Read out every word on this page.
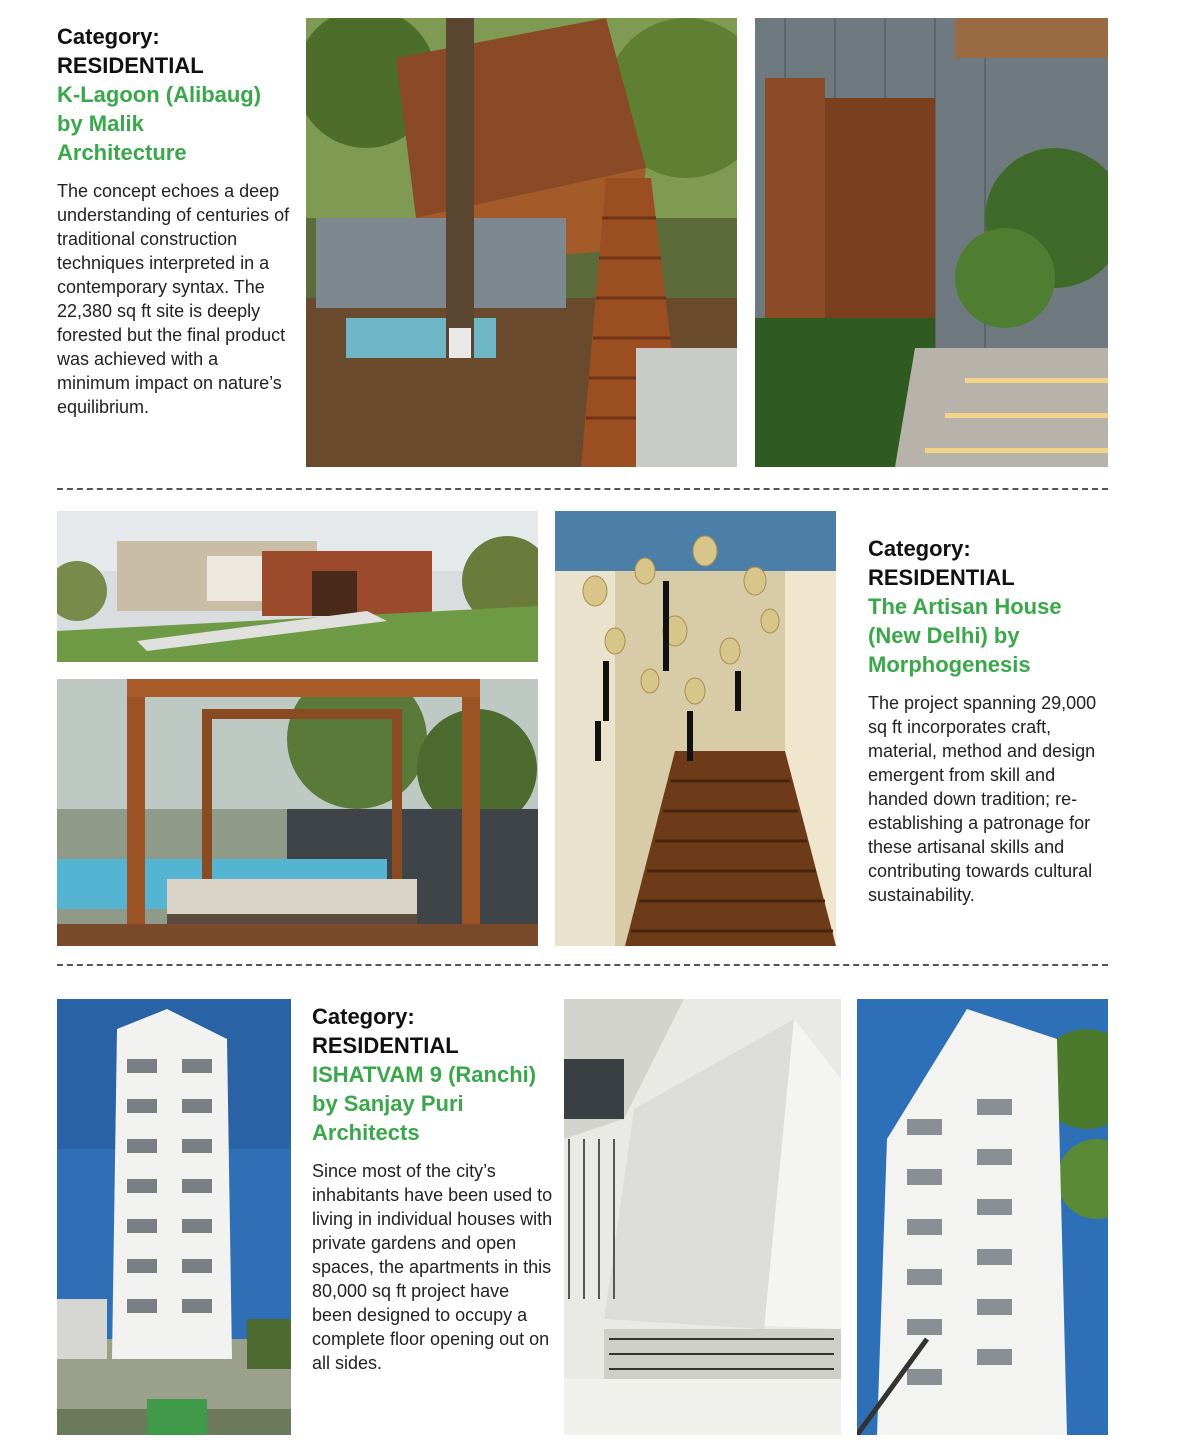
Category:
RESIDENTIAL
K-Lagoon (Alibaug)
by Malik
Architecture

The concept echoes a deep understanding of centuries of traditional construction techniques interpreted in a contemporary syntax. The 22,380 sq ft site is deeply forested but the final product was achieved with a minimum impact on nature’s equilibrium.

Category:
RESIDENTIAL
The Artisan House
(New Delhi) by
Morphogenesis

The project spanning 29,000 sq ft incorporates craft, material, method and design emergent from skill and handed down tradition; re-establishing a patronage for these artisanal skills and contributing towards cultural sustainability.

Category:
RESIDENTIAL
ISHATVAM 9 (Ranchi)
by Sanjay Puri
Architects

Since most of the city’s inhabitants have been used to living in individual houses with private gardens and open spaces, the apartments in this 80,000 sq ft project have been designed to occupy a complete floor opening out on all sides.
